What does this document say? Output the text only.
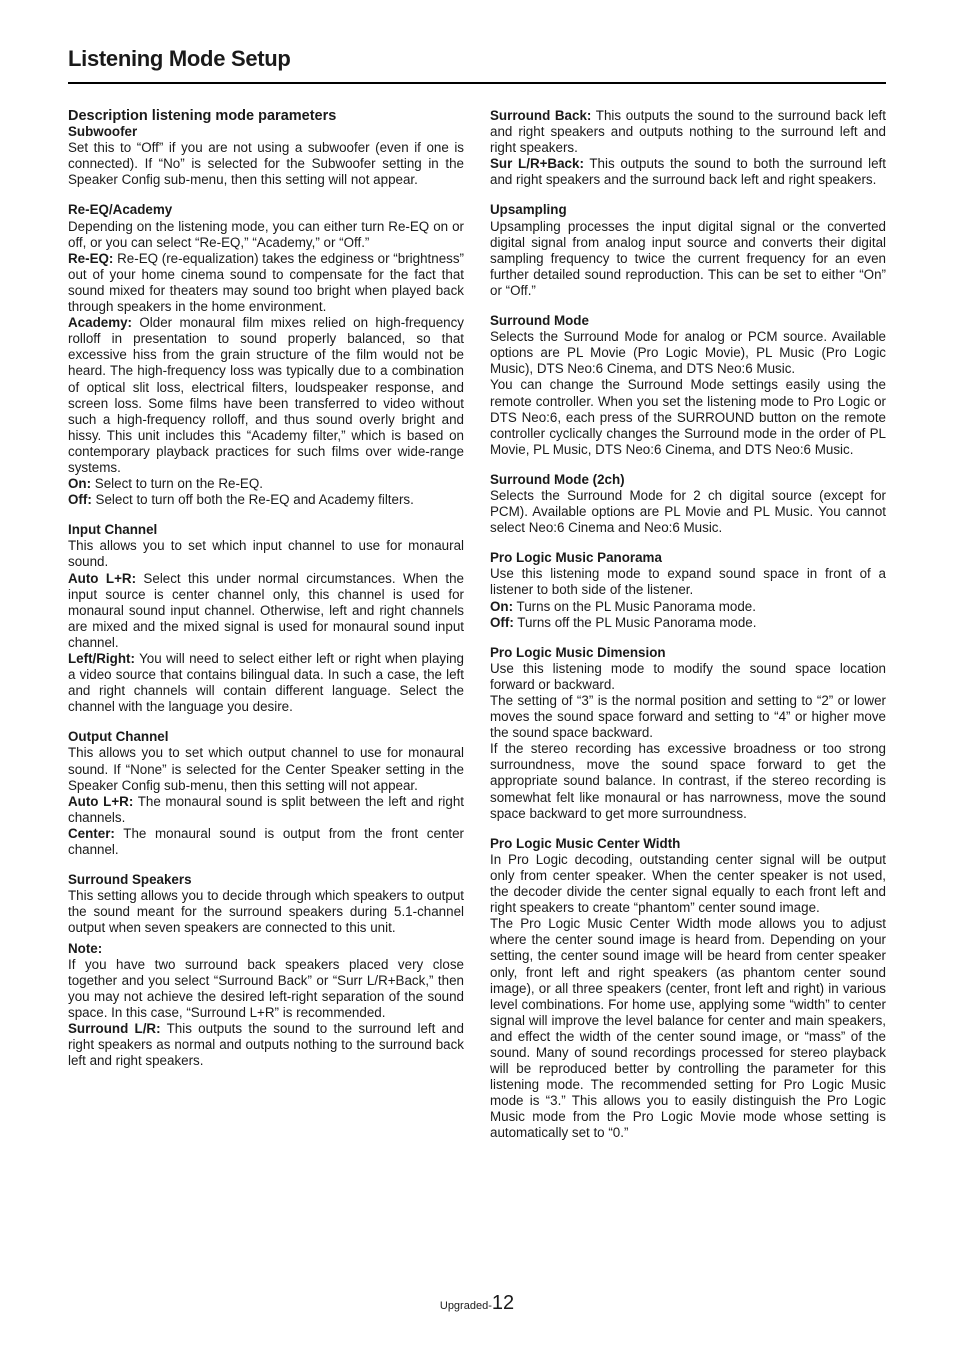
Listening Mode Setup

Description listening mode parameters

Subwoofer

Set this to “Off” if you are not using a subwoofer (even if one is connected). If “No” is selected for the Subwoofer setting in the Speaker Config sub-menu, then this setting will not appear.

Re-EQ/Academy

Depending on the listening mode, you can either turn Re-EQ on or off, or you can select “Re-EQ,” “Academy,” or “Off.”

Re-EQ: Re-EQ (re-equalization) takes the edginess or “brightness” out of your home cinema sound to compensate for the fact that sound mixed for theaters may sound too bright when played back through speakers in the home environment.

Academy: Older monaural film mixes relied on high-frequency rolloff in presentation to sound properly balanced, so that excessive hiss from the grain structure of the film would not be heard. The high-frequency loss was typically due to a combination of optical slit loss, electrical filters, loudspeaker response, and screen loss. Some films have been transferred to video without such a high-frequency rolloff, and thus sound overly bright and hissy. This unit includes this “Academy filter,” which is based on contemporary playback practices for such films over wide-range systems.

On: Select to turn on the Re-EQ.

Off: Select to turn off both the Re-EQ and Academy filters.

Input Channel

This allows you to set which input channel to use for monaural sound.

Auto L+R: Select this under normal circumstances. When the input source is center channel only, this channel is used for monaural sound input channel. Otherwise, left and right channels are mixed and the mixed signal is used for monaural sound input channel.

Left/Right: You will need to select either left or right when playing a video source that contains bilingual data. In such a case, the left and right channels will contain different language. Select the channel with the language you desire.

Output Channel

This allows you to set which output channel to use for monaural sound. If “None” is selected for the Center Speaker setting in the Speaker Config sub-menu, then this setting will not appear.

Auto L+R: The monaural sound is split between the left and right channels.

Center: The monaural sound is output from the front center channel.

Surround Speakers

This setting allows you to decide through which speakers to output the sound meant for the surround speakers during 5.1-channel output when seven speakers are connected to this unit.

Note:

If you have two surround back speakers placed very close together and you select “Surround Back” or “Surr L/R+Back,” then you may not achieve the desired left-right separation of the sound space. In this case, “Surround L+R” is recommended.

Surround L/R: This outputs the sound to the surround left and right speakers as normal and outputs nothing to the surround back left and right speakers.

Surround Back: This outputs the sound to the surround back left and right speakers and outputs nothing to the surround left and right speakers.

Sur L/R+Back: This outputs the sound to both the surround left and right speakers and the surround back left and right speakers.

Upsampling

Upsampling processes the input digital signal or the converted digital signal from analog input source and converts their digital sampling frequency to twice the current frequency for an even further detailed sound reproduction. This can be set to either “On” or “Off.”

Surround Mode

Selects the Surround Mode for analog or PCM source. Available options are PL Movie (Pro Logic Movie), PL Music (Pro Logic Music), DTS Neo:6 Cinema, and DTS Neo:6 Music.

You can change the Surround Mode settings easily using the remote controller. When you set the listening mode to Pro Logic or DTS Neo:6, each press of the SURROUND button on the remote controller cyclically changes the Surround mode in the order of PL Movie, PL Music, DTS Neo:6 Cinema, and DTS Neo:6 Music.

Surround Mode (2ch)

Selects the Surround Mode for 2 ch digital source (except for PCM). Available options are PL Movie and PL Music. You cannot select Neo:6 Cinema and Neo:6 Music.

Pro Logic Music Panorama

Use this listening mode to expand sound space in front of a listener to both side of the listener.

On: Turns on the PL Music Panorama mode.

Off: Turns off the PL Music Panorama mode.

Pro Logic Music Dimension

Use this listening mode to modify the sound space location forward or backward.

The setting of “3” is the normal position and setting to “2” or lower moves the sound space forward and setting to “4” or higher move the sound space backward.

If the stereo recording has excessive broadness or too strong surroundness, move the sound space forward to get the appropriate sound balance. In contrast, if the stereo recording is somewhat felt like monaural or has narrowness, move the sound space backward to get more surroundness.

Pro Logic Music Center Width

In Pro Logic decoding, outstanding center signal will be output only from center speaker. When the center speaker is not used, the decoder divide the center signal equally to each front left and right speakers to create “phantom” center sound image.

The Pro Logic Music Center Width mode allows you to adjust where the center sound image is heard from. Depending on your setting, the center sound image will be heard from center speaker only, front left and right speakers (as phantom center sound image), or all three speakers (center, front left and right) in various level combinations. For home use, applying some “width” to center signal will improve the level balance for center and main speakers, and effect the width of the center sound image, or “mass” of the sound. Many of sound recordings processed for stereo playback will be reproduced better by controlling the parameter for this listening mode. The recommended setting for Pro Logic Music mode is “3.” This allows you to easily distinguish the Pro Logic Music mode from the Pro Logic Movie mode whose setting is automatically set to “0.”

Upgraded-12
